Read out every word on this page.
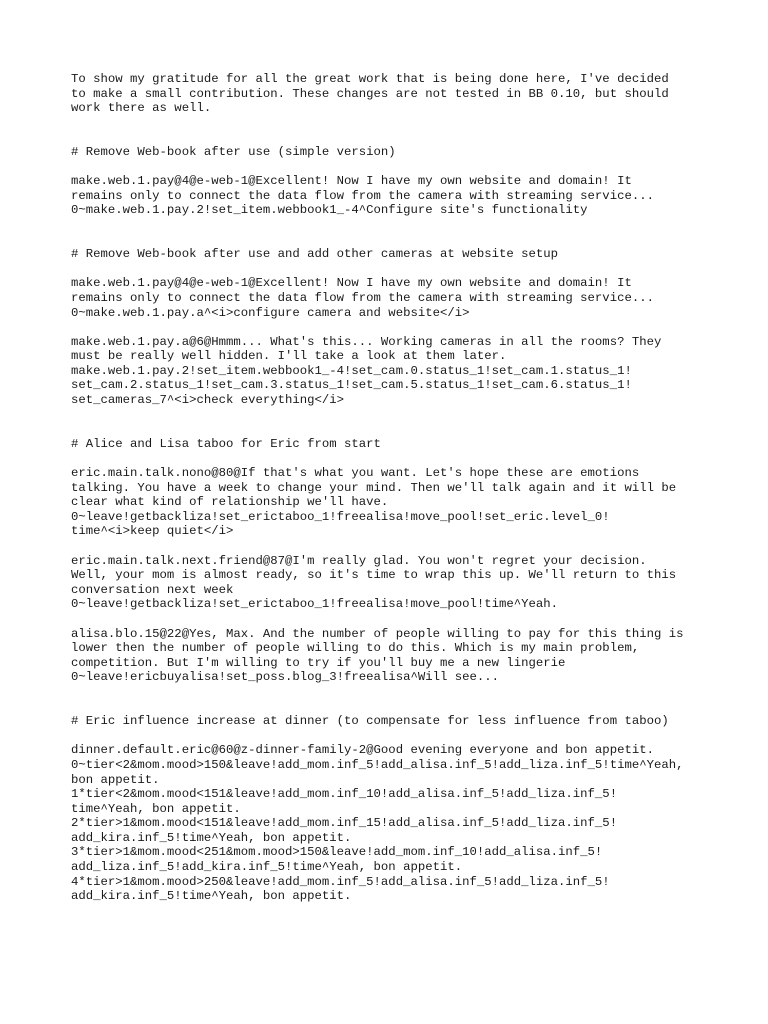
To show my gratitude for all the great work that is being done here, I've decided
to make a small contribution. These changes are not tested in BB 0.10, but should
work there as well.
# Remove Web-book after use (simple version)
make.web.1.pay@4@e-web-1@Excellent! Now I have my own website and domain! It
remains only to connect the data flow from the camera with streaming service...
0~make.web.1.pay.2!set_item.webbook1_-4^Configure site's functionality
# Remove Web-book after use and add other cameras at website setup
make.web.1.pay@4@e-web-1@Excellent! Now I have my own website and domain! It
remains only to connect the data flow from the camera with streaming service...
0~make.web.1.pay.a^<i>configure camera and website</i>
make.web.1.pay.a@6@Hmmm... What's this... Working cameras in all the rooms? They
must be really well hidden. I'll take a look at them later.
make.web.1.pay.2!set_item.webbook1_-4!set_cam.0.status_1!set_cam.1.status_1!
set_cam.2.status_1!set_cam.3.status_1!set_cam.5.status_1!set_cam.6.status_1!
set_cameras_7^<i>check everything</i>
# Alice and Lisa taboo for Eric from start
eric.main.talk.nono@80@If that's what you want. Let's hope these are emotions
talking. You have a week to change your mind. Then we'll talk again and it will be
clear what kind of relationship we'll have.
0~leave!getbackliza!set_erictaboo_1!freealisa!move_pool!set_eric.level_0!
time^<i>keep quiet</i>
eric.main.talk.next.friend@87@I'm really glad. You won't regret your decision.
Well, your mom is almost ready, so it's time to wrap this up. We'll return to this
conversation next week
0~leave!getbackliza!set_erictaboo_1!freealisa!move_pool!time^Yeah.
alisa.blo.15@22@Yes, Max. And the number of people willing to pay for this thing is
lower then the number of people willing to do this. Which is my main problem,
competition. But I'm willing to try if you'll buy me a new lingerie
0~leave!ericbuyalisa!set_poss.blog_3!freealisa^Will see...
# Eric influence increase at dinner (to compensate for less influence from taboo)
dinner.default.eric@60@z-dinner-family-2@Good evening everyone and bon appetit.
0~tier<2&mom.mood>150&leave!add_mom.inf_5!add_alisa.inf_5!add_liza.inf_5!time^Yeah,
bon appetit.
1*tier<2&mom.mood<151&leave!add_mom.inf_10!add_alisa.inf_5!add_liza.inf_5!
time^Yeah, bon appetit.
2*tier>1&mom.mood<151&leave!add_mom.inf_15!add_alisa.inf_5!add_liza.inf_5!
add_kira.inf_5!time^Yeah, bon appetit.
3*tier>1&mom.mood<251&mom.mood>150&leave!add_mom.inf_10!add_alisa.inf_5!
add_liza.inf_5!add_kira.inf_5!time^Yeah, bon appetit.
4*tier>1&mom.mood>250&leave!add_mom.inf_5!add_alisa.inf_5!add_liza.inf_5!
add_kira.inf_5!time^Yeah, bon appetit.
